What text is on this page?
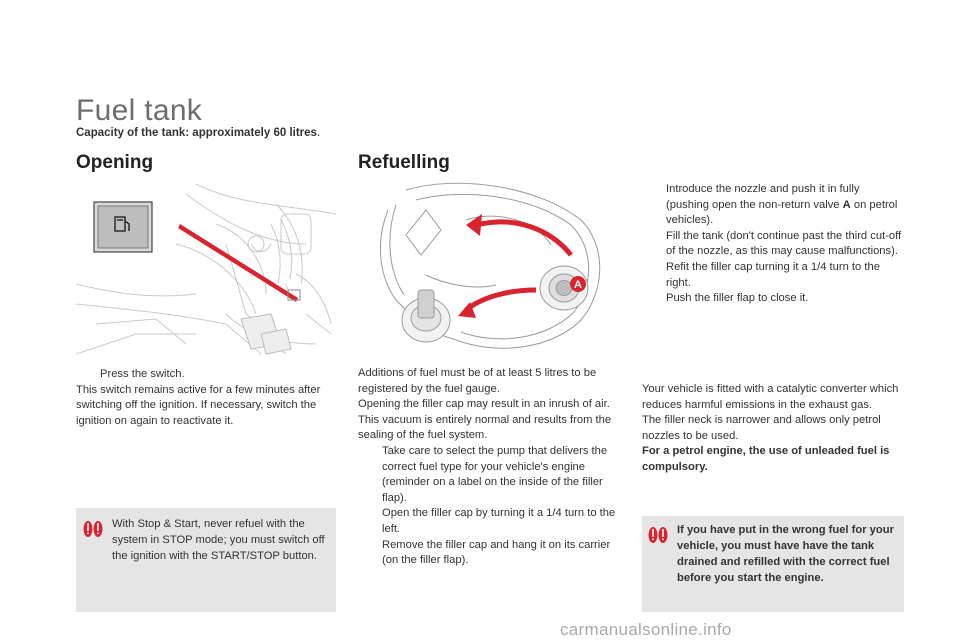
Fuel tank
Capacity of the tank: approximately 60 litres.
Opening
Press the switch.

This switch remains active for a few minutes after switching off the ignition. If necessary, switch the ignition on again to reactivate it.

With Stop & Start, never refuel with the system in STOP mode; you must switch off the ignition with the START/STOP button.

Refuelling
A

Additions of fuel must be of at least 5 litres to be registered by the fuel gauge.

Opening the filler cap may result in an inrush of air. This vacuum is entirely normal and results from the sealing of the fuel system.

Take care to select the pump that delivers the correct fuel type for your vehicle's engine (reminder on a label on the inside of the filler flap).
Open the filler cap by turning it a 1/4 turn to the left.
Remove the filler cap and hang it on its carrier (on the filler flap).
Introduce the nozzle and push it in fully (pushing open the non-return valve A on petrol vehicles).
Fill the tank (don't continue past the third cut-off of the nozzle, as this may cause malfunctions).
Refit the filler cap turning it a 1/4 turn to the right.
Push the filler flap to close it.

Your vehicle is fitted with a catalytic converter which reduces harmful emissions in the exhaust gas.

The filler neck is narrower and allows only petrol nozzles to be used.

For a petrol engine, the use of unleaded fuel is compulsory.

If you have put in the wrong fuel for your vehicle, you must have have the tank drained and refilled with the correct fuel before you start the engine.

carmanualsonline.info
